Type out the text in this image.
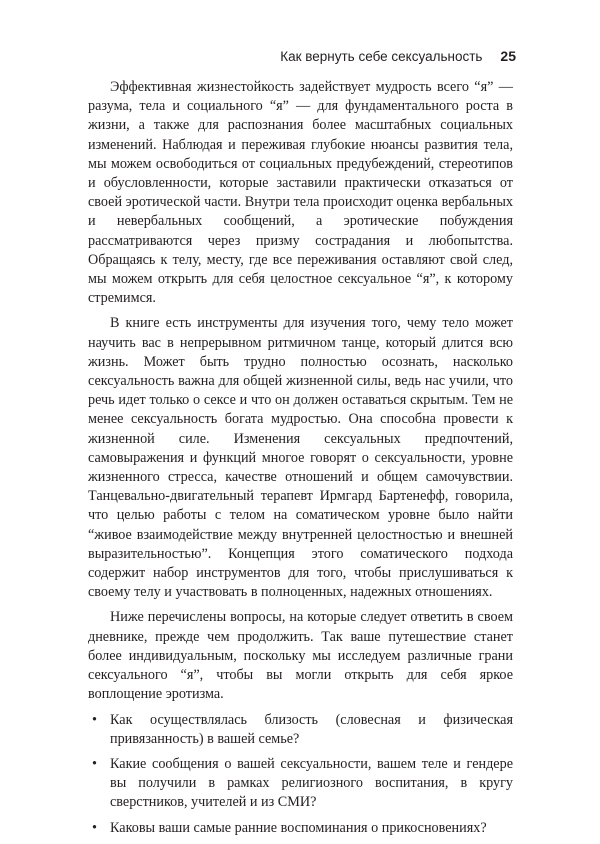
Как вернуть себе сексуальность 25

Эффективная жизнестойкость задействует мудрость всего “я” — разума, тела и социального “я” — для фундаментального роста в жизни, а также для распознания более масштабных социальных изменений. Наблюдая и переживая глубокие нюансы развития тела, мы можем освободиться от социальных предубеждений, стереотипов и обусловленности, которые заставили практически отказаться от своей эротической части. Внутри тела происходит оценка вербальных и невербальных сообщений, а эротические побуждения рассматриваются через призму сострадания и любопытства. Обращаясь к телу, месту, где все переживания оставляют свой след, мы можем открыть для себя целостное сексуальное “я”, к которому стремимся.

В книге есть инструменты для изучения того, чему тело может научить вас в непрерывном ритмичном танце, который длится всю жизнь. Может быть трудно полностью осознать, насколько сексуальность важна для общей жизненной силы, ведь нас учили, что речь идет только о сексе и что он должен оставаться скрытым. Тем не менее сексуальность богата мудростью. Она способна провести к жизненной силе. Изменения сексуальных предпочтений, самовыражения и функций многое говорят о сексуальности, уровне жизненного стресса, качестве отношений и общем самочувствии. Танцевально-двигательный терапевт Ирмгард Бартенефф, говорила, что целью работы с телом на соматическом уровне было найти “живое взаимодействие между внутренней целостностью и внешней выразительностью”. Концепция этого соматического подхода содержит набор инструментов для того, чтобы прислушиваться к своему телу и участвовать в полноценных, надежных отношениях.

Ниже перечислены вопросы, на которые следует ответить в своем дневнике, прежде чем продолжить. Так ваше путешествие станет более индивидуальным, поскольку мы исследуем различные грани сексуального “я”, чтобы вы могли открыть для себя яркое воплощение эротизма.

• Как осуществлялась близость (словесная и физическая привязанность) в вашей семье?
• Какие сообщения о вашей сексуальности, вашем теле и гендере вы получили в рамках религиозного воспитания, в кругу сверстников, учителей и из СМИ?
• Каковы ваши самые ранние воспоминания о прикосновениях?
